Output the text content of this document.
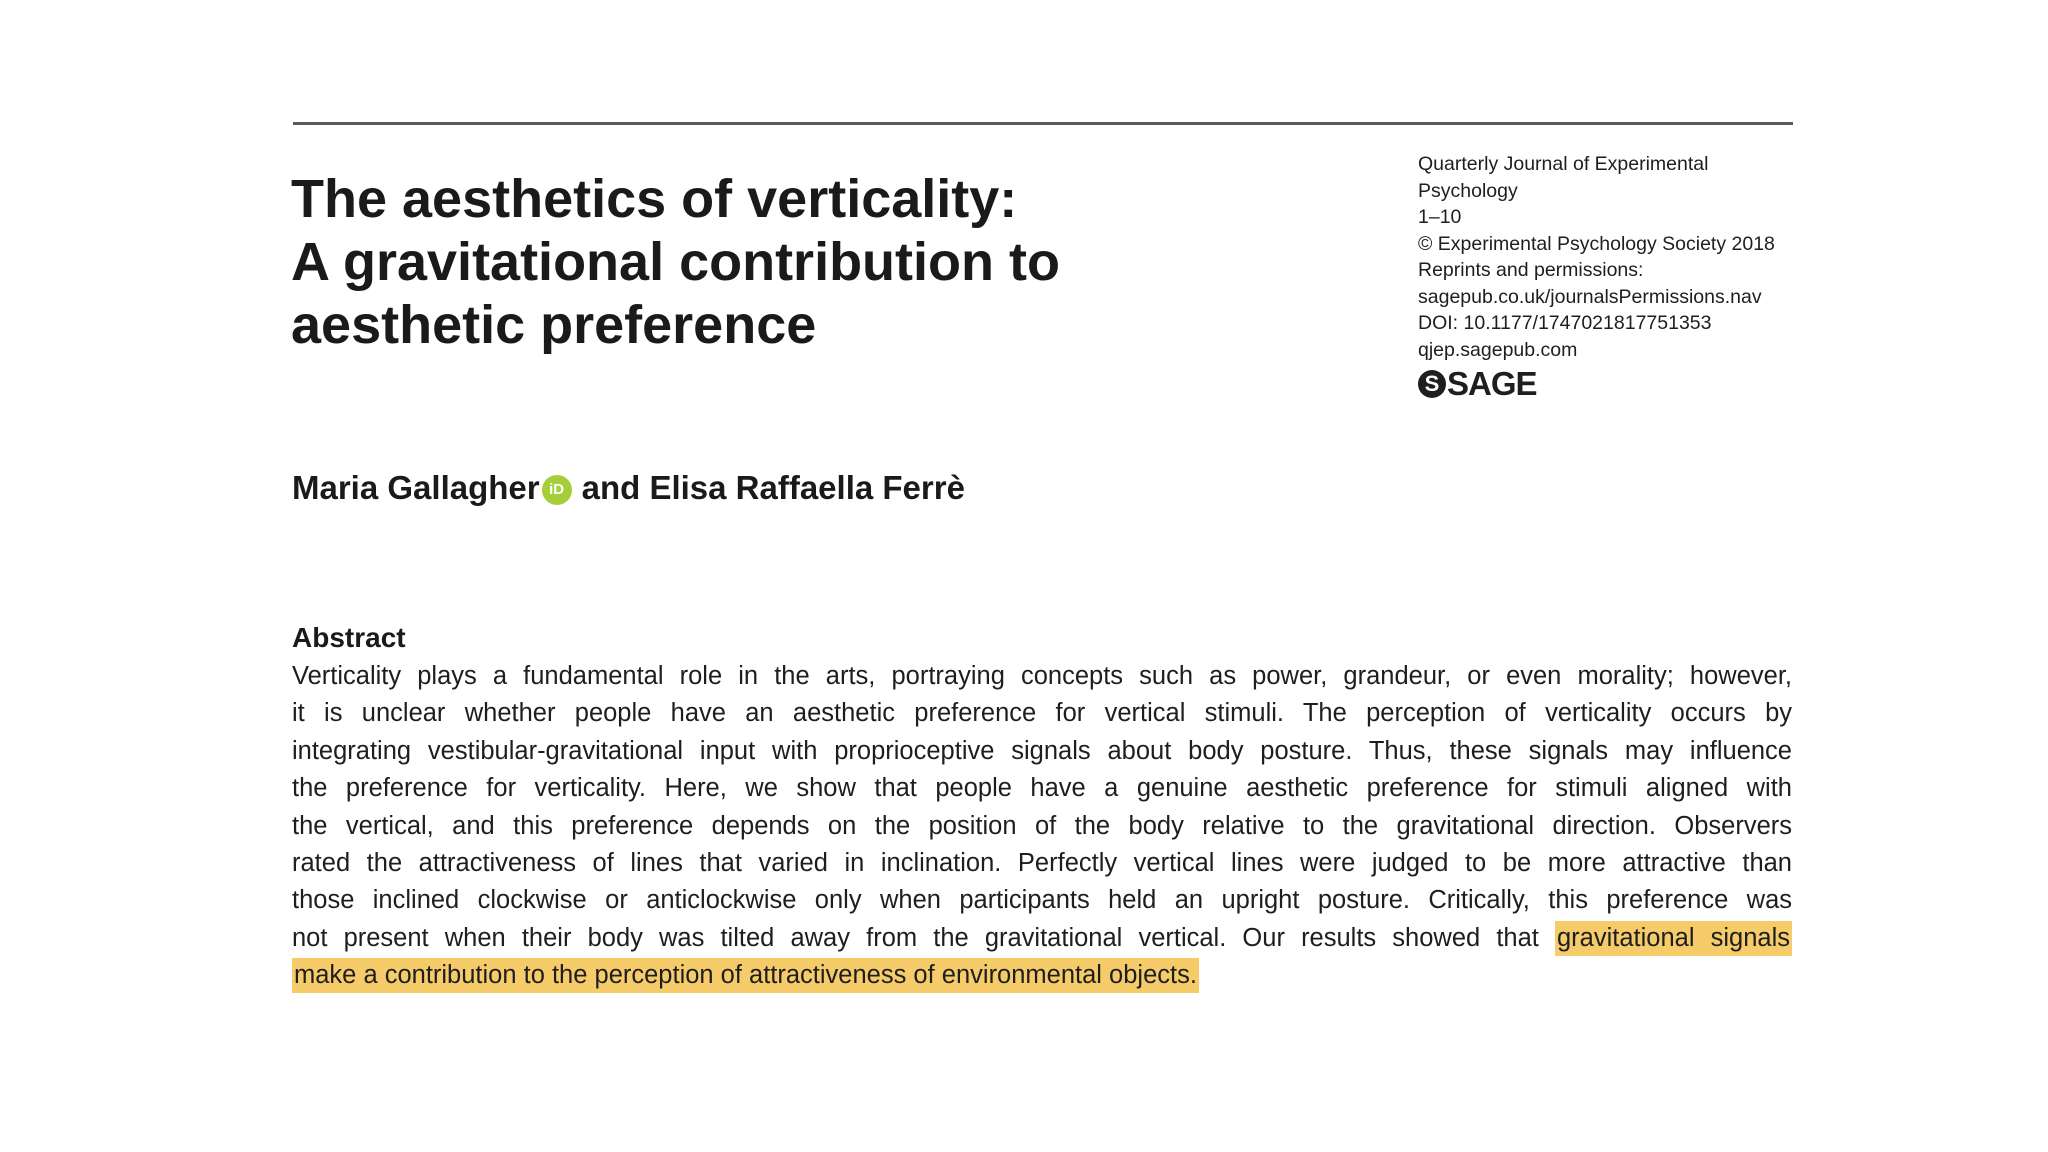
The aesthetics of verticality:
A gravitational contribution to
aesthetic preference
Quarterly Journal of Experimental
Psychology
1–10
© Experimental Psychology Society 2018
Reprints and permissions:
sagepub.co.uk/journalsPermissions.nav
DOI: 10.1177/1747021817751353
qjep.sagepub.com
S SAGE
Maria Gallagher iD and Elisa Raffaella Ferrè
Abstract
Verticality plays a fundamental role in the arts, portraying concepts such as power, grandeur, or even morality; however,
it is unclear whether people have an aesthetic preference for vertical stimuli. The perception of verticality occurs by
integrating vestibular-gravitational input with proprioceptive signals about body posture. Thus, these signals may influence
the preference for verticality. Here, we show that people have a genuine aesthetic preference for stimuli aligned with
the vertical, and this preference depends on the position of the body relative to the gravitational direction. Observers
rated the attractiveness of lines that varied in inclination. Perfectly vertical lines were judged to be more attractive than
those inclined clockwise or anticlockwise only when participants held an upright posture. Critically, this preference was
not present when their body was tilted away from the gravitational vertical. Our results showed that gravitational signals
make a contribution to the perception of attractiveness of environmental objects.
